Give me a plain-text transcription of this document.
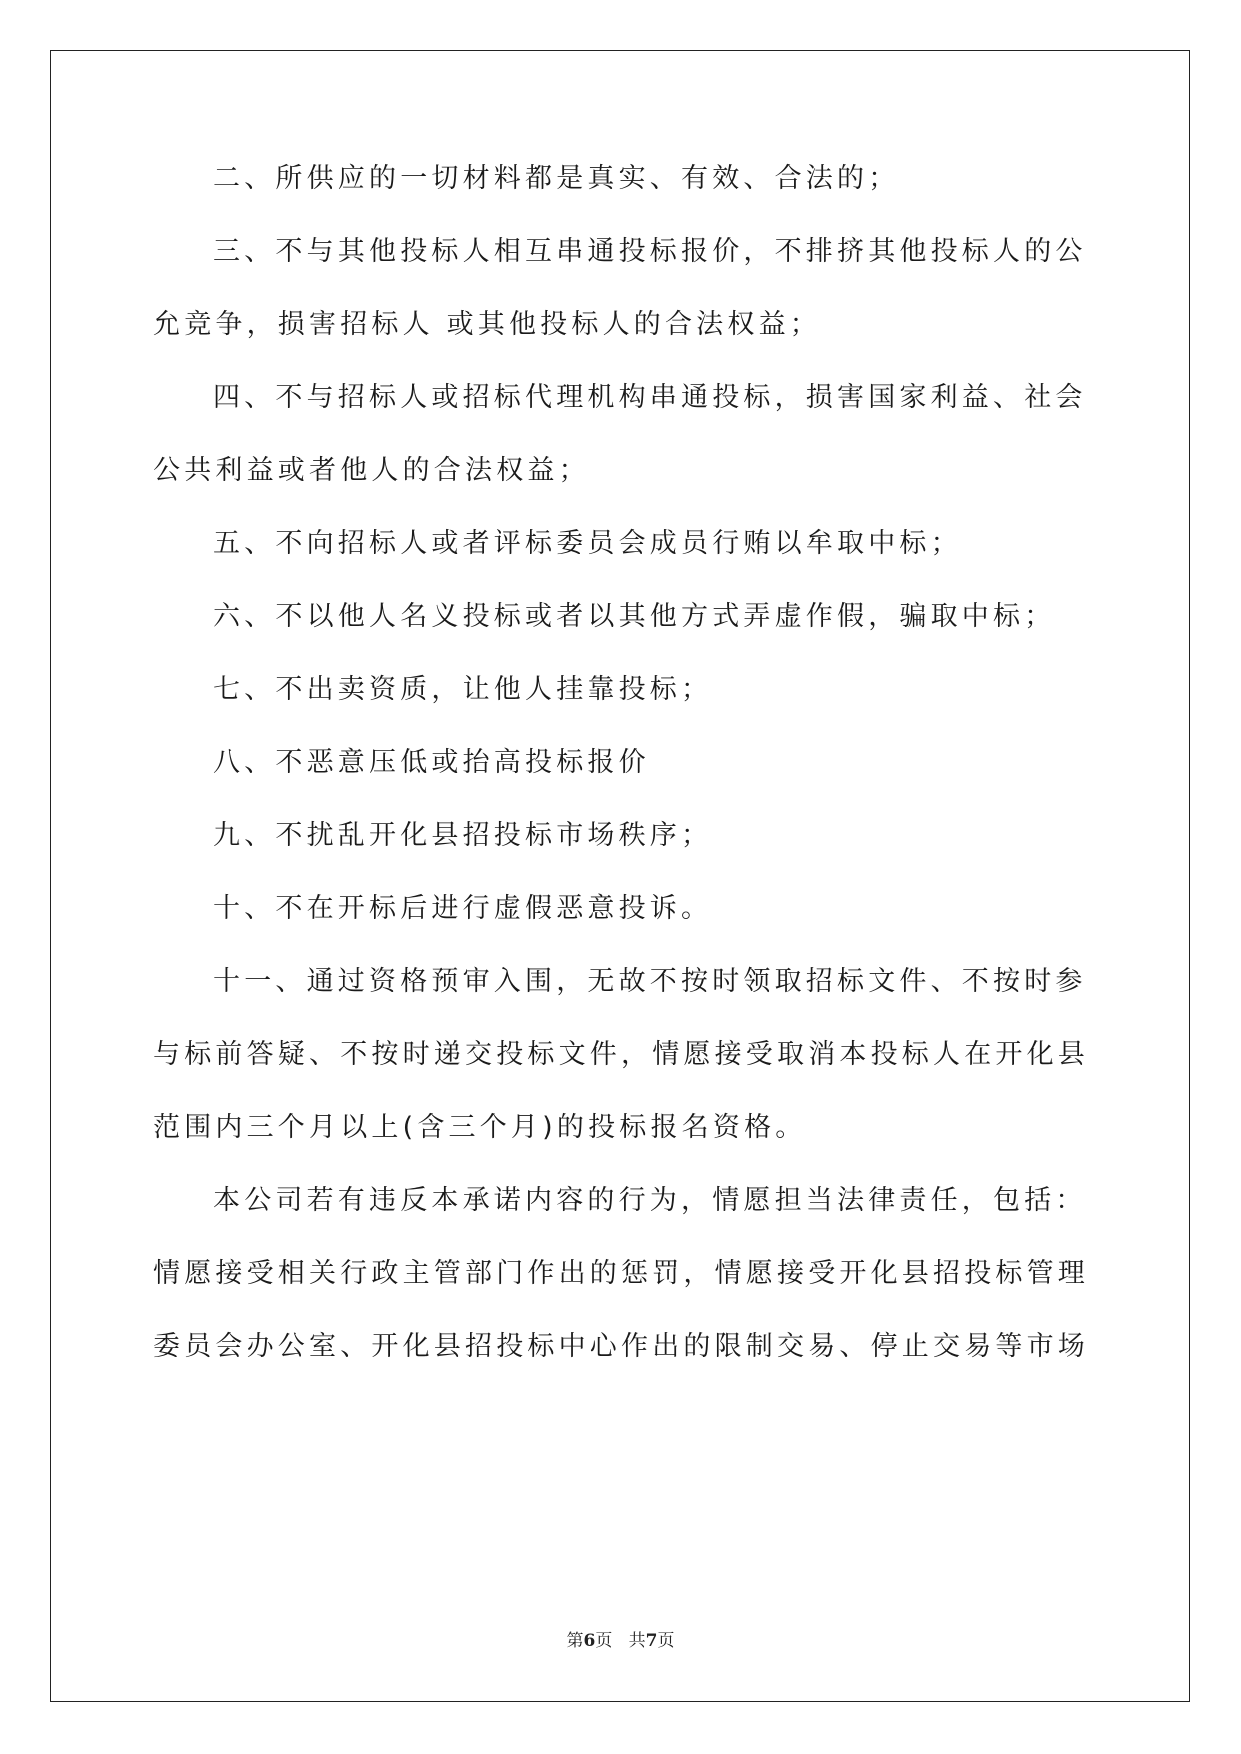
二、所供应的一切材料都是真实、有效、合法的；
三、不与其他投标人相互串通投标报价，不排挤其他投标人的公
允竞争，损害招标人 或其他投标人的合法权益；
四、不与招标人或招标代理机构串通投标，损害国家利益、社会
公共利益或者他人的合法权益；
五、不向招标人或者评标委员会成员行贿以牟取中标；
六、不以他人名义投标或者以其他方式弄虚作假，骗取中标；
七、不出卖资质，让他人挂靠投标；
八、不恶意压低或抬高投标报价
九、不扰乱开化县招投标市场秩序；
十、不在开标后进行虚假恶意投诉。
十一、通过资格预审入围，无故不按时领取招标文件、不按时参
与标前答疑、不按时递交投标文件，情愿接受取消本投标人在开化县
范围内三个月以上(含三个月)的投标报名资格。
本公司若有违反本承诺内容的行为，情愿担当法律责任，包括：
情愿接受相关行政主管部门作出的惩罚，情愿接受开化县招投标管理
委员会办公室、开化县招投标中心作出的限制交易、停止交易等市场
第6页 共7页
